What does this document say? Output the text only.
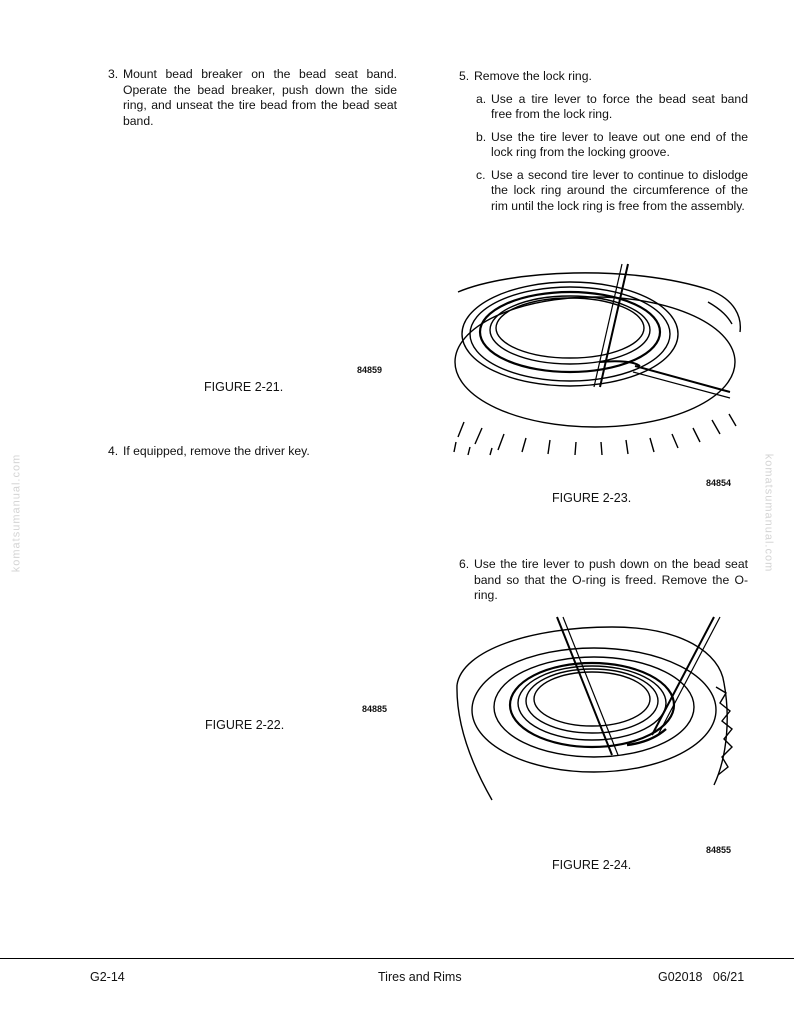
3. Mount bead breaker on the bead seat band. Operate the bead breaker, push down the side ring, and unseat the tire bead from the bead seat band.
84859
FIGURE 2-21.
4. If equipped, remove the driver key.
84885
FIGURE 2-22.
5. Remove the lock ring.
a. Use a tire lever to force the bead seat band free from the lock ring.
b. Use the tire lever to leave out one end of the lock ring from the locking groove.
c. Use a second tire lever to continue to dislodge the lock ring around the circumference of the rim until the lock ring is free from the assembly.
84854
FIGURE 2-23.
6. Use the tire lever to push down on the bead seat band so that the O-ring is freed. Remove the O-ring.
84855
FIGURE 2-24.
komatsumanual.com	komatsumanual.com
G2-14	Tires and Rims	G02018   06/21
